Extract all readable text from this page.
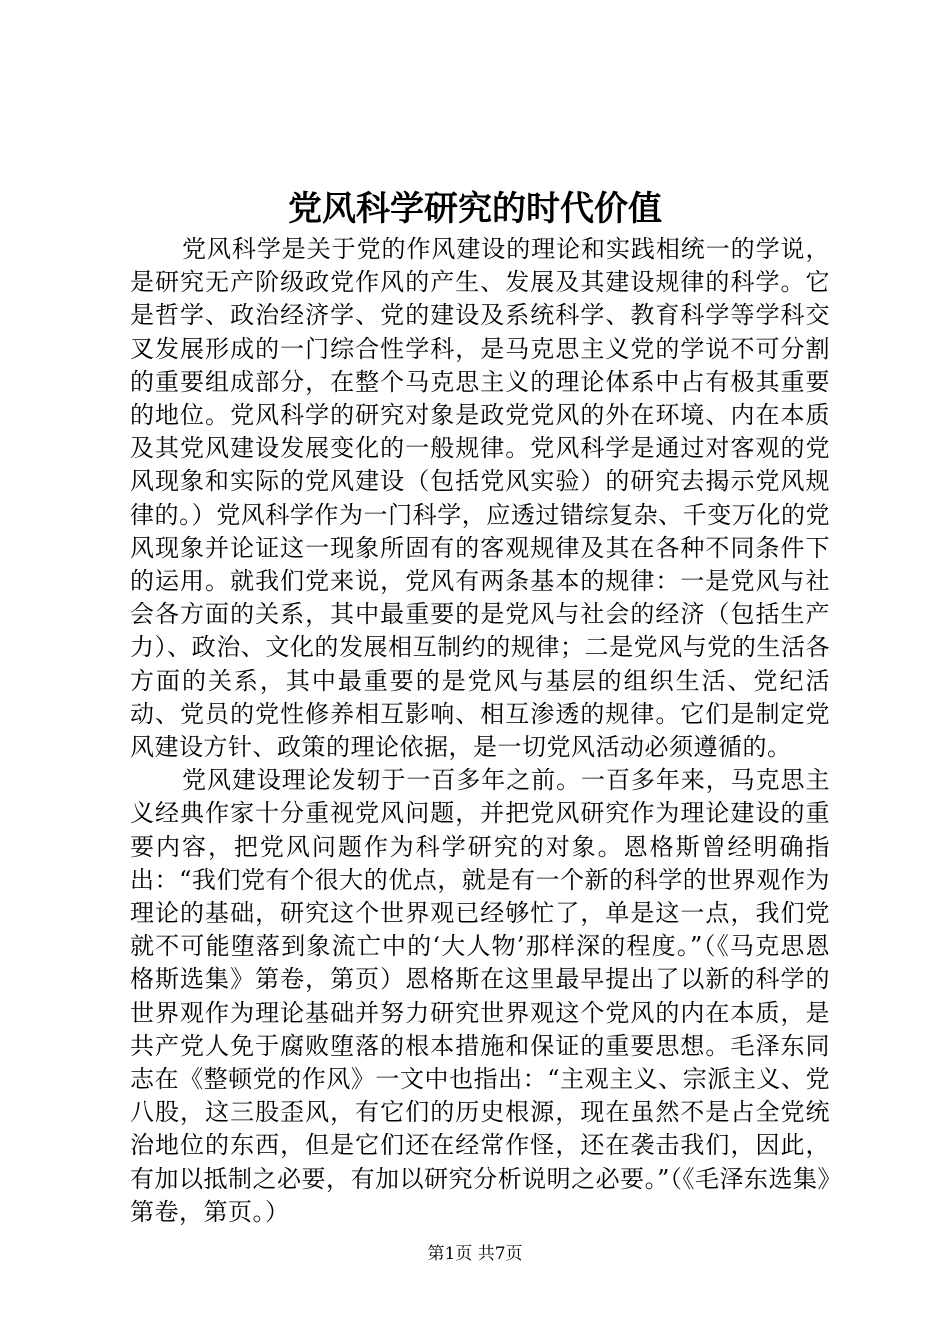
党风科学研究的时代价值

党风科学是关于党的作风建设的理论和实践相统一的学说，是研究无产阶级政党作风的产生、发展及其建设规律的科学。它是哲学、政治经济学、党的建设及系统科学、教育科学等学科交叉发展形成的一门综合性学科，是马克思主义党的学说不可分割的重要组成部分，在整个马克思主义的理论体系中占有极其重要的地位。党风科学的研究对象是政党党风的外在环境、内在本质及其党风建设发展变化的一般规律。党风科学是通过对客观的党风现象和实际的党风建设（包括党风实验）的研究去揭示党风规律的。）党风科学作为一门科学，应透过错综复杂、千变万化的党风现象并论证这一现象所固有的客观规律及其在各种不同条件下的运用。就我们党来说，党风有两条基本的规律：一是党风与社会各方面的关系，其中最重要的是党风与社会的经济（包括生产力）、政治、文化的发展相互制约的规律；二是党风与党的生活各方面的关系，其中最重要的是党风与基层的组织生活、党纪活动、党员的党性修养相互影响、相互渗透的规律。它们是制定党风建设方针、政策的理论依据，是一切党风活动必须遵循的。

党风建设理论发轫于一百多年之前。一百多年来，马克思主义经典作家十分重视党风问题，并把党风研究作为理论建设的重要内容，把党风问题作为科学研究的对象。恩格斯曾经明确指出：“我们党有个很大的优点，就是有一个新的科学的世界观作为理论的基础，研究这个世界观已经够忙了，单是这一点，我们党就不可能堕落到象流亡中的‘大人物’那样深的程度。”（《马克思恩格斯选集》第卷，第页）恩格斯在这里最早提出了以新的科学的世界观作为理论基础并努力研究世界观这个党风的内在本质，是共产党人免于腐败堕落的根本措施和保证的重要思想。毛泽东同志在《整顿党的作风》一文中也指出：“主观主义、宗派主义、党八股，这三股歪风，有它们的历史根源，现在虽然不是占全党统治地位的东西，但是它们还在经常作怪，还在袭击我们，因此，有加以抵制之必要，有加以研究分析说明之必要。”（《毛泽东选集》第卷，第页。）

第1页 共7页
